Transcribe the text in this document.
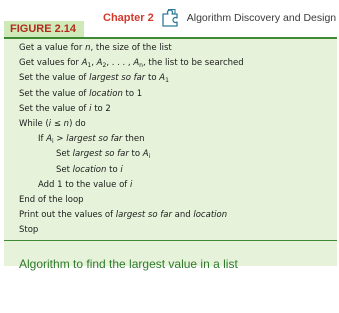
Chapter 2	Algorithm Discovery and Design
FIGURE 2.14
Get a value for n, the size of the list
Get values for $A_1$, $A_2$, . . . , $A_n$, the list to be searched
Set the value of largest so far to $A_1$
Set the value of location to 1
Set the value of i to 2
While (i ≤ n) do
If $A_i$ > largest so far then
Set largest so far to $A_i$
Set location to i
Add 1 to the value of i
End of the loop
Print out the values of largest so far and location
Stop
Algorithm to find the largest value in a list
